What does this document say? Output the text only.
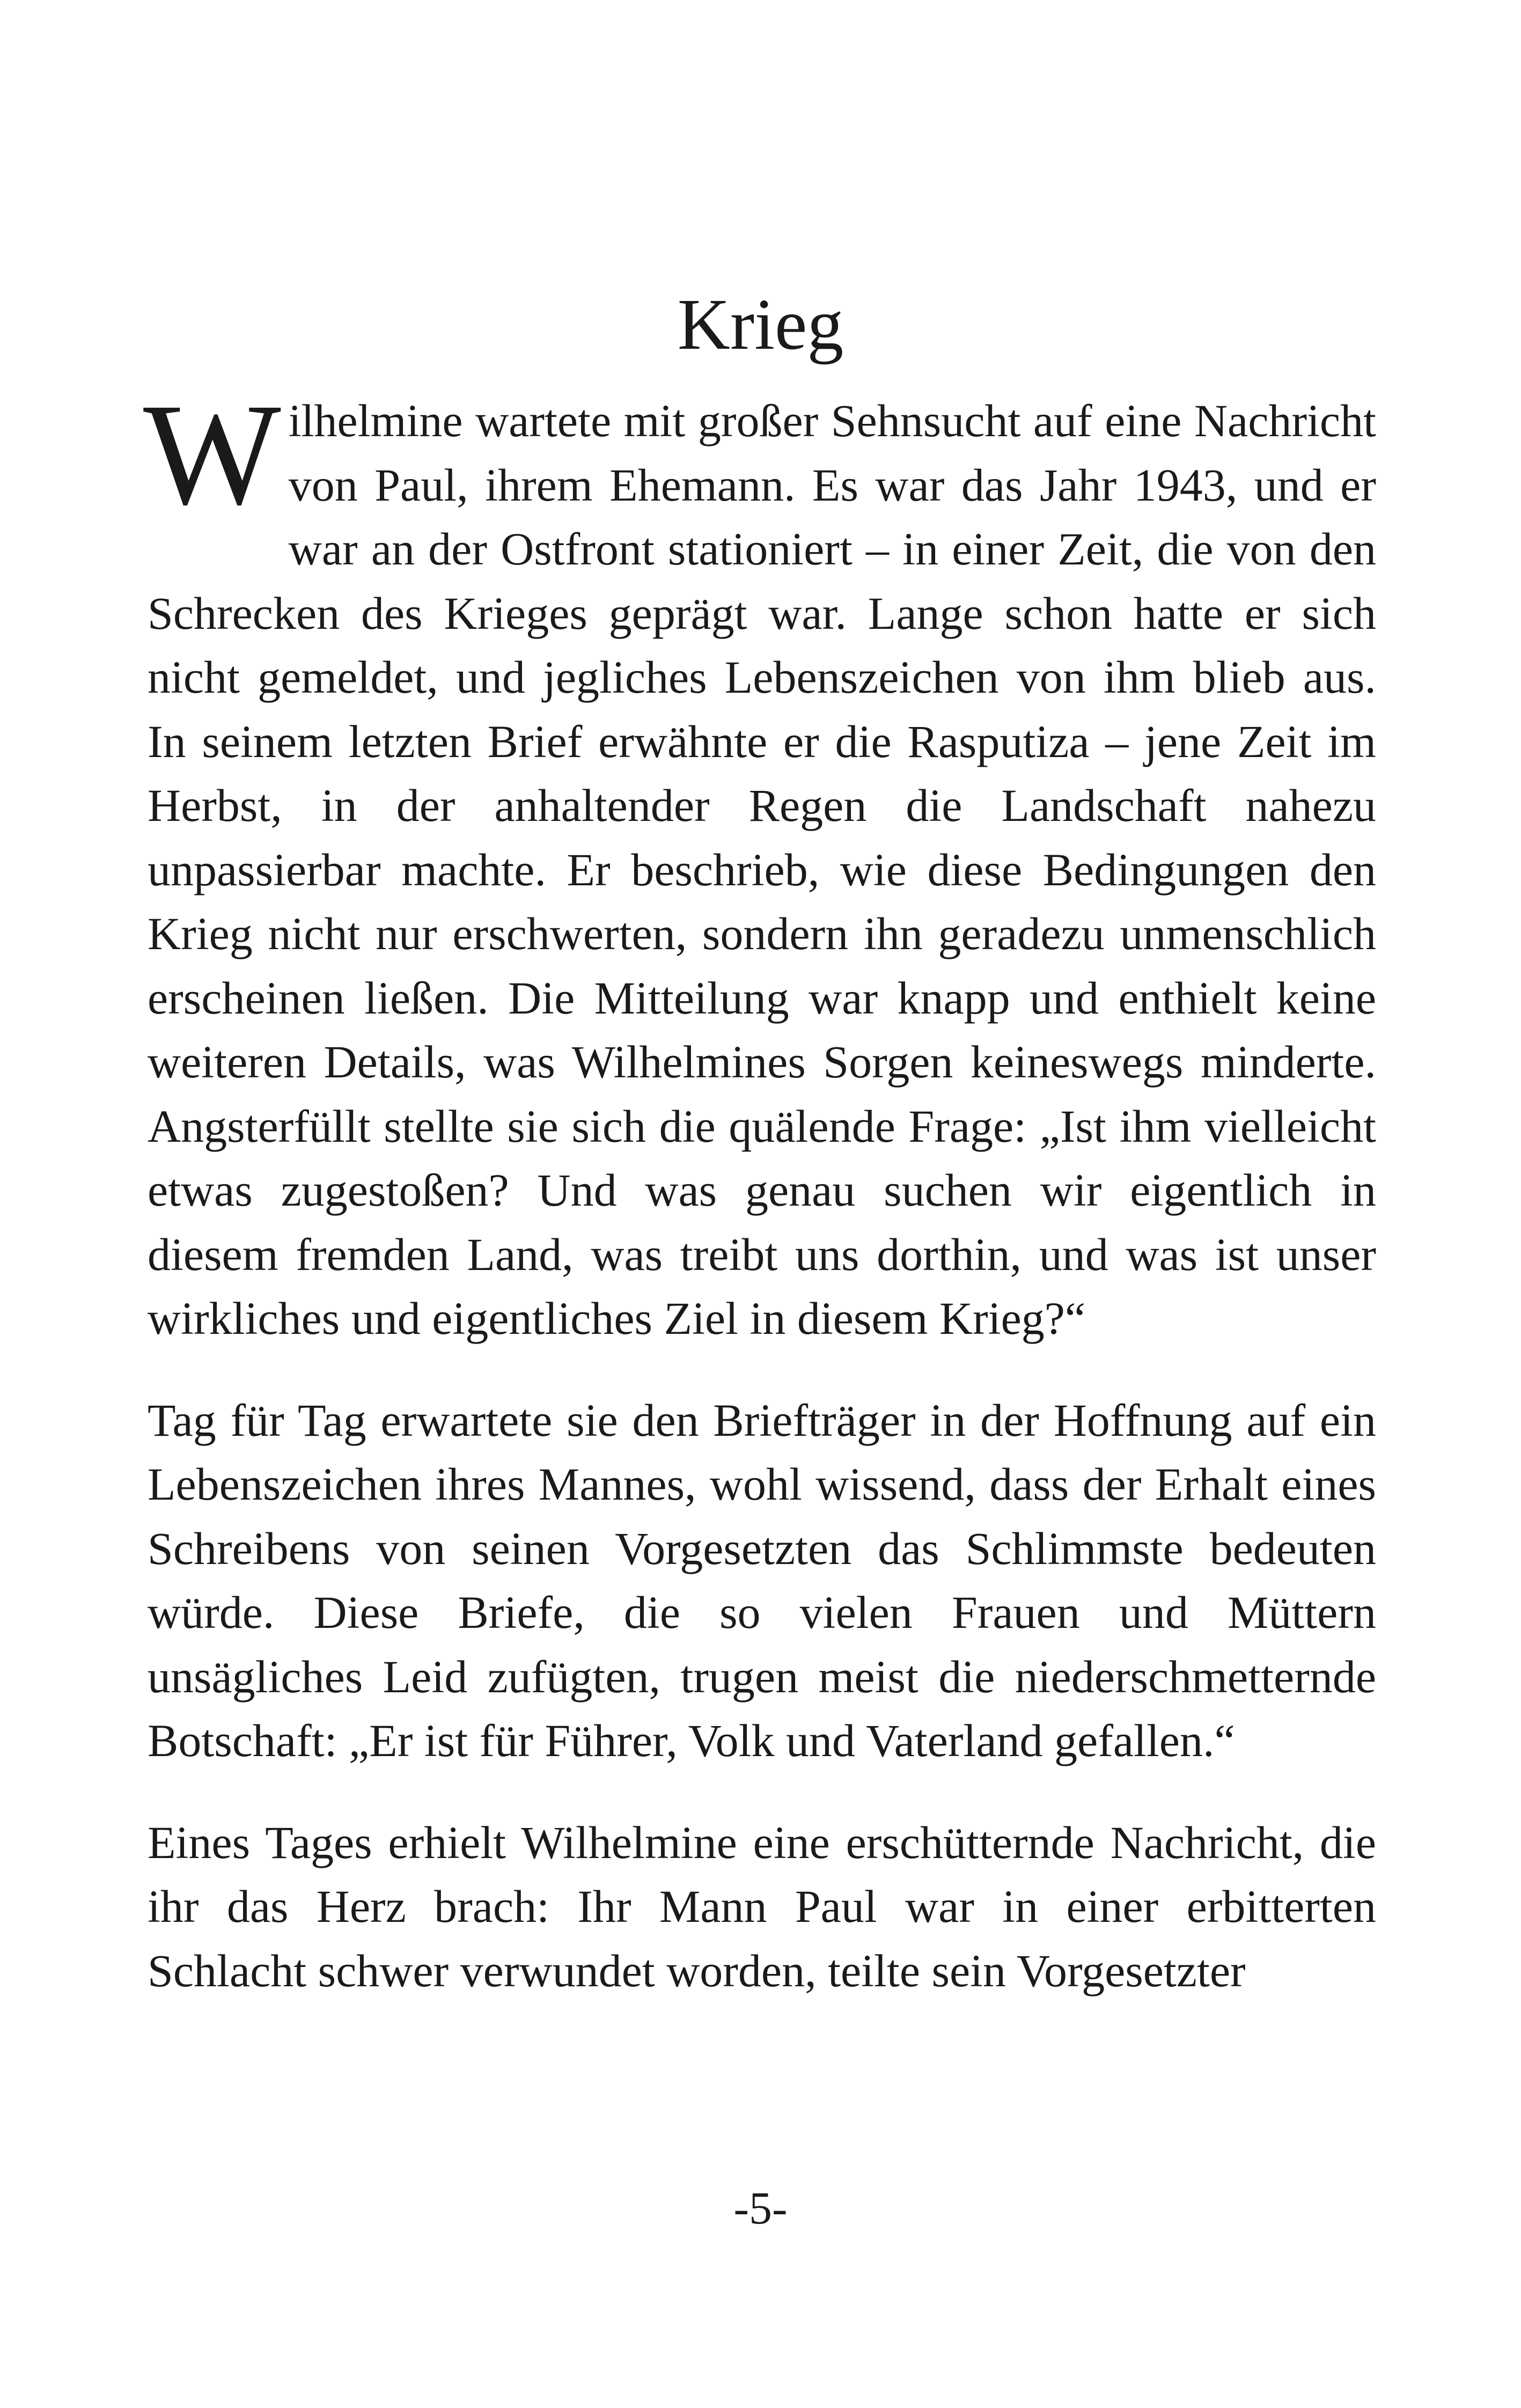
Krieg

Wilhelmine wartete mit großer Sehnsucht auf eine Nachricht von Paul, ihrem Ehemann. Es war das Jahr 1943, und er war an der Ostfront stationiert – in einer Zeit, die von den Schrecken des Krieges geprägt war. Lange schon hatte er sich nicht gemeldet, und jegliches Lebenszeichen von ihm blieb aus. In seinem letzten Brief erwähnte er die Rasputiza – jene Zeit im Herbst, in der anhaltender Regen die Landschaft nahezu unpassierbar machte. Er beschrieb, wie diese Bedingungen den Krieg nicht nur erschwerten, sondern ihn geradezu unmenschlich erscheinen ließen. Die Mitteilung war knapp und enthielt keine weiteren Details, was Wilhelmines Sorgen keineswegs minderte. Angsterfüllt stellte sie sich die quälende Frage: „Ist ihm vielleicht etwas zugestoßen? Und was genau suchen wir eigentlich in diesem fremden Land, was treibt uns dorthin, und was ist unser wirkliches und eigentliches Ziel in diesem Krieg?“

Tag für Tag erwartete sie den Briefträger in der Hoffnung auf ein Lebenszeichen ihres Mannes, wohl wissend, dass der Erhalt eines Schreibens von seinen Vorgesetzten das Schlimmste bedeuten würde. Diese Briefe, die so vielen Frauen und Müttern unsägliches Leid zufügten, trugen meist die niederschmetternde Botschaft: „Er ist für Führer, Volk und Vaterland gefallen.“

Eines Tages erhielt Wilhelmine eine erschütternde Nachricht, die ihr das Herz brach: Ihr Mann Paul war in einer erbitterten Schlacht schwer verwundet worden, teilte sein Vorgesetzter

-5-
